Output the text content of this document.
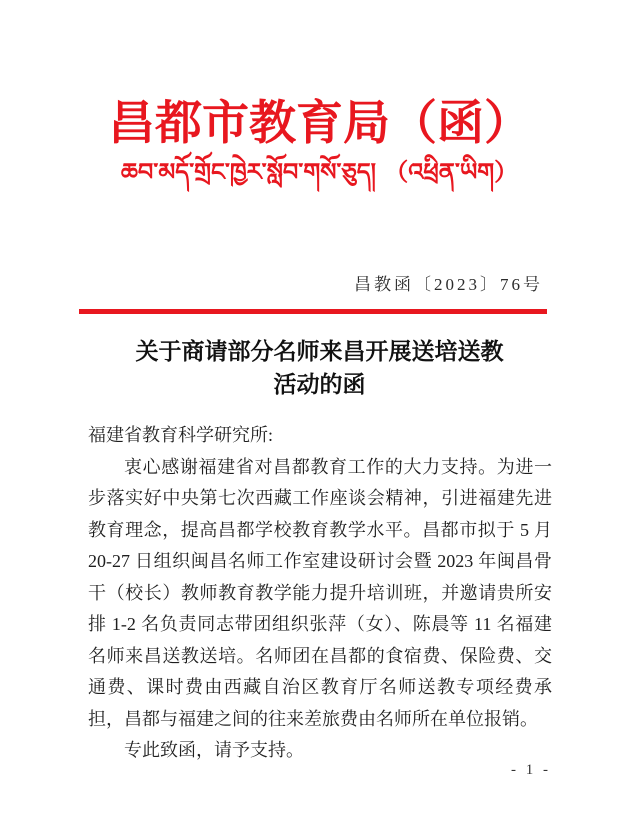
昌都市教育局（函）
ཆབ་མདོ་གྲོང་ཁྱེར་སློབ་གསོ་ཅུད། （འཕྲིན་ཡིག）
昌教函〔2023〕76号
关于商请部分名师来昌开展送培送教
活动的函

福建省教育科学研究所:

衷心感谢福建省对昌都教育工作的大力支持。为进一步落实好中央第七次西藏工作座谈会精神，引进福建先进教育理念，提高昌都学校教育教学水平。昌都市拟于 5 月 20-27 日组织闽昌名师工作室建设研讨会暨 2023 年闽昌骨干（校长）教师教育教学能力提升培训班，并邀请贵所安排 1-2 名负责同志带团组织张萍（女）、陈晨等 11 名福建名师来昌送教送培。名师团在昌都的食宿费、保险费、交通费、课时费由西藏自治区教育厅名师送教专项经费承担，昌都与福建之间的往来差旅费由名师所在单位报销。

专此致函，请予支持。

- 1 -
